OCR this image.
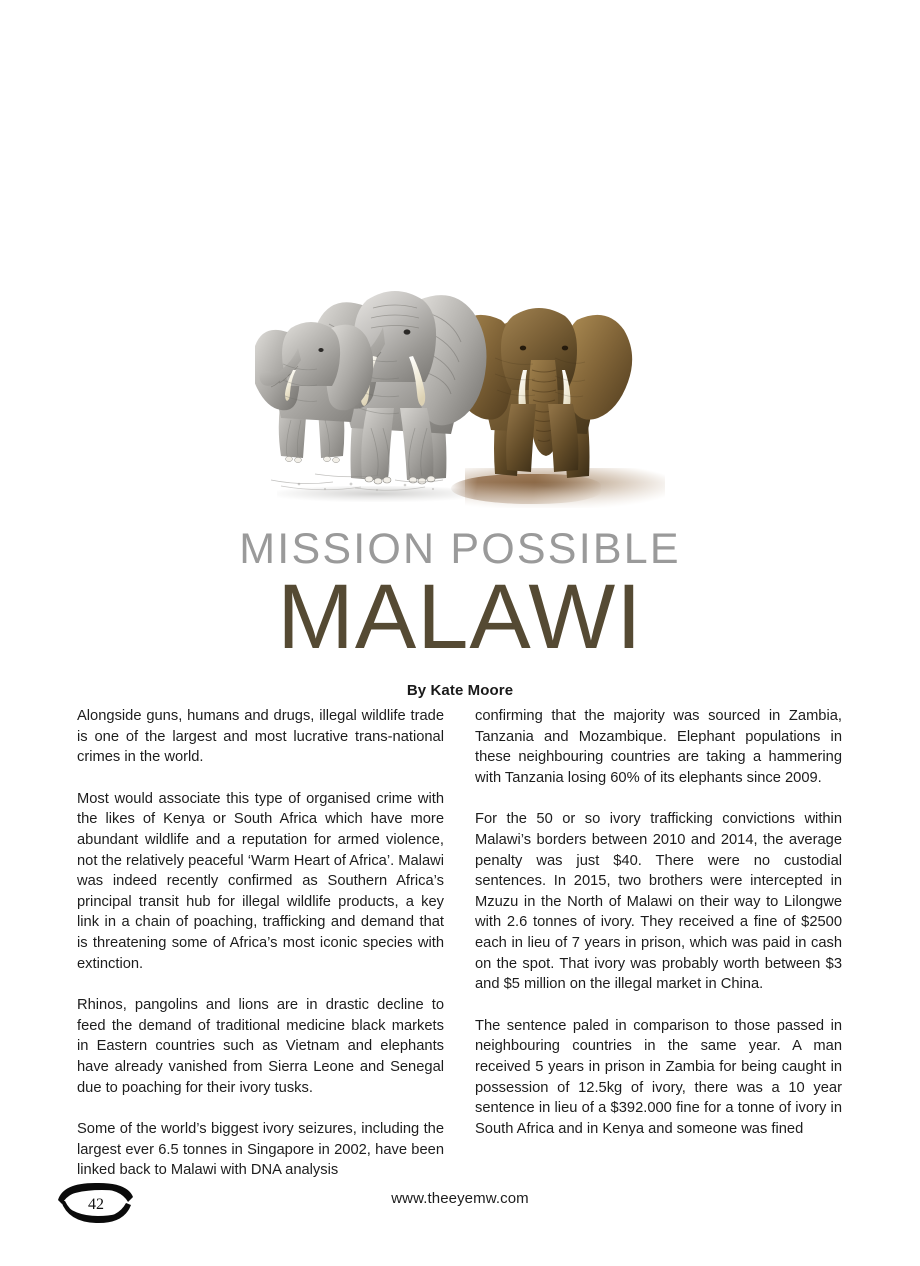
MISSION POSSIBLE
MALAWI
By Kate Moore

Alongside guns, humans and drugs, illegal wildlife trade is one of the largest and most lucrative trans-national crimes in the world.

Most would associate this type of organised crime with the likes of Kenya or South Africa which have more abundant wildlife and a reputation for armed violence, not the relatively peaceful ‘Warm Heart of Africa’. Malawi was indeed recently confirmed as Southern Africa’s principal transit hub for illegal wildlife products, a key link in a chain of poaching, trafficking and demand that is threatening some of Africa’s most iconic species with extinction.

Rhinos, pangolins and lions are in drastic decline to feed the demand of traditional medicine black markets in Eastern countries such as Vietnam and elephants have already vanished from Sierra Leone and Senegal due to poaching for their ivory tusks.

Some of the world’s biggest ivory seizures, including the largest ever 6.5 tonnes in Singapore in 2002, have been linked back to Malawi with DNA analysis

confirming that the majority was sourced in Zambia, Tanzania and Mozambique. Elephant populations in these neighbouring countries are taking a hammering with Tanzania losing 60% of its elephants since 2009.

For the 50 or so ivory trafficking convictions within Malawi’s borders between 2010 and 2014, the average penalty was just $40. There were no custodial sentences. In 2015, two brothers were intercepted in Mzuzu in the North of Malawi on their way to Lilongwe with 2.6 tonnes of ivory. They received a fine of $2500 each in lieu of 7 years in prison, which was paid in cash on the spot. That ivory was probably worth between $3 and $5 million on the illegal market in China.

The sentence paled in comparison to those passed in neighbouring countries in the same year. A man received 5 years in prison in Zambia for being caught in possession of 12.5kg of ivory, there was a 10 year sentence in lieu of a $392.000 fine for a tonne of ivory in South Africa and in Kenya and someone was fined

42	www.theeyemw.com
